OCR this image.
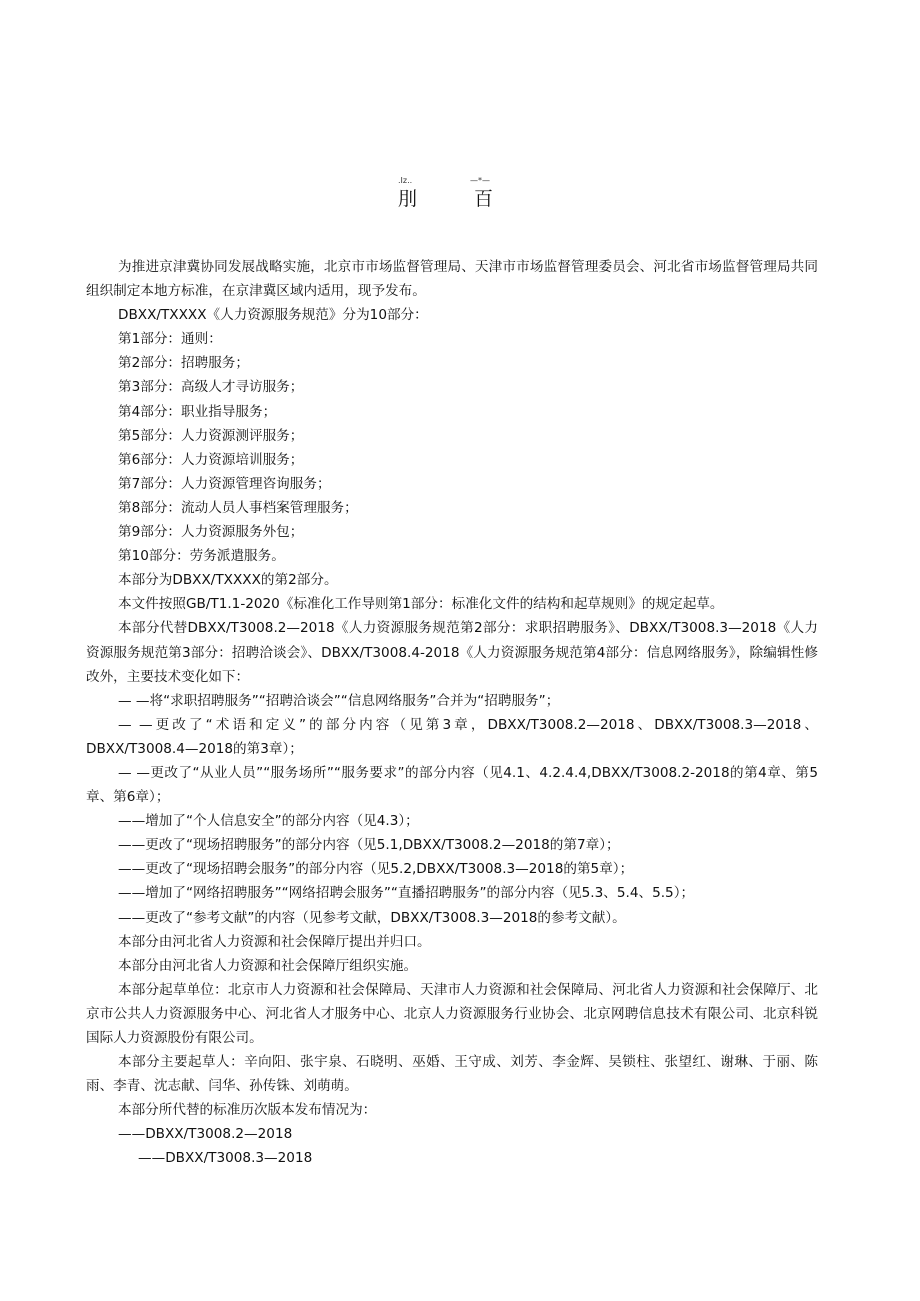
.Iz..	—*—
刖	百

为推进京津冀协同发展战略实施，北京市市场监督管理局、天津市市场监督管理委员会、河北省市场监督管理局共同组织制定本地方标准，在京津冀区域内适用，现予发布。

DBXX/TXXXX《人力资源服务规范》分为10部分：

第1部分：通则：

第2部分：招聘服务；

第3部分：高级人才寻访服务；

第4部分：职业指导服务；

第5部分：人力资源测评服务；

第6部分：人力资源培训服务；

第7部分：人力资源管理咨询服务；

第8部分：流动人员人事档案管理服务；

第9部分：人力资源服务外包；

第10部分：劳务派遣服务。

本部分为DBXX/TXXXX的第2部分。

本文件按照GB/T1.1-2020《标准化工作导则第1部分：标准化文件的结构和起草规则》的规定起草。

本部分代替DBXX/T3008.2—2018《人力资源服务规范第2部分：求职招聘服务》、DBXX/T3008.3—2018《人力资源服务规范第3部分：招聘洽谈会》、DBXX/T3008.4-2018《人力资源服务规范第4部分：信息网络服务》，除编辑性修改外，主要技术变化如下：

— —将“求职招聘服务”“招聘洽谈会”“信息网络服务”合并为“招聘服务”；

— —更改了“术语和定义”的部分内容（见第3章，DBXX/T3008.2—2018、DBXX/T3008.3—2018、DBXX/T3008.4—2018的第3章）；

— —更改了“从业人员”“服务场所”“服务要求”的部分内容（见4.1、4.2.4.4,DBXX/T3008.2-2018的第4章、第5章、第6章）；

——增加了“个人信息安全”的部分内容（见4.3）；

——更改了“现场招聘服务”的部分内容（见5.1,DBXX/T3008.2—2018的第7章）；

——更改了“现场招聘会服务”的部分内容（见5.2,DBXX/T3008.3—2018的第5章）；

——增加了“网络招聘服务”“网络招聘会服务”“直播招聘服务”的部分内容（见5.3、5.4、5.5）；

——更改了“参考文献”的内容（见参考文献，DBXX/T3008.3—2018的参考文献）。

本部分由河北省人力资源和社会保障厅提出并归口。

本部分由河北省人力资源和社会保障厅组织实施。

本部分起草单位：北京市人力资源和社会保障局、天津市人力资源和社会保障局、河北省人力资源和社会保障厅、北京市公共人力资源服务中心、河北省人才服务中心、北京人力资源服务行业协会、北京网聘信息技术有限公司、北京科锐国际人力资源股份有限公司。

本部分主要起草人：辛向阳、张宇泉、石晓明、巫婚、王守成、刘芳、李金辉、吴锁柱、张望红、谢琳、于丽、陈雨、李青、沈志献、闫华、孙传铢、刘萌萌。

本部分所代替的标准历次版本发布情况为：

——DBXX/T3008.2—2018

——DBXX/T3008.3—2018
